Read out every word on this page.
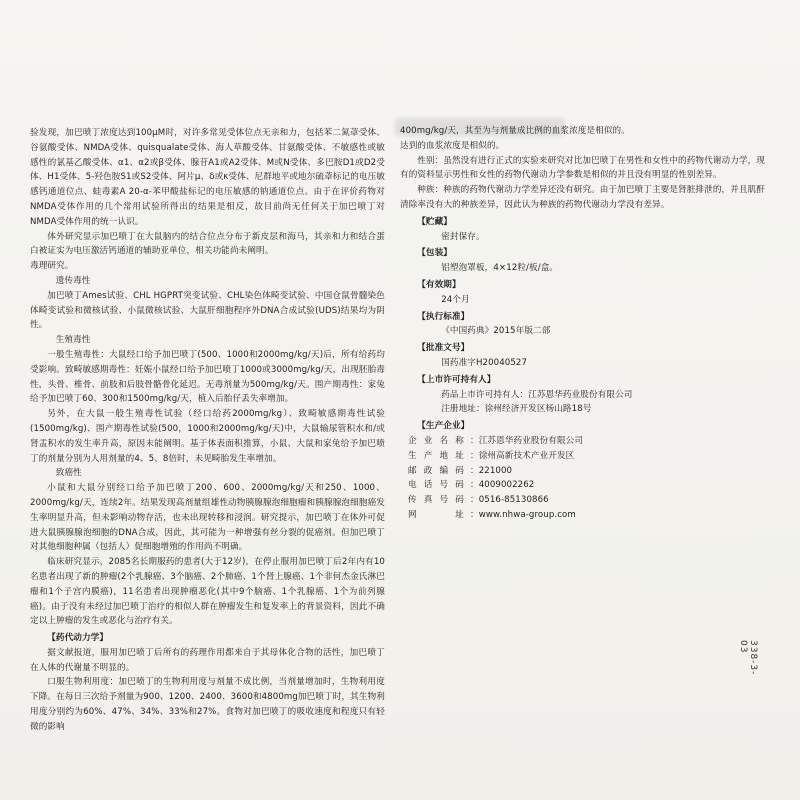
验发现，加巴喷丁浓度达到100μM时，对许多常见受体位点无亲和力，包括苯二氮䓬受体、谷氨酸受体、NMDA受体、quisqualate受体、海人草酸受体、甘氨酸受体、不敏感性或敏感性的氯基乙酸受体、α1、α2或β受体、腺苷A1或A2受体、M或N受体、多巴胺D1或D2受体、H1受体、5-羟色胺S1或S2受体、阿片μ、δ或κ受体、尼群地平或地尔硫䓬标记的电压敏感钙通道位点、蛙毒素A 20-α-苯甲酸盐标记的电压敏感的钠通道位点。由于在评价药物对NMDA受体作用的几个常用试验所得出的结果是相反，故目前尚无任何关于加巴喷丁对NMDA受体作用的统一认识。

体外研究显示加巴喷丁在大鼠脑内的结合位点分布于新皮层和海马，其亲和力和结合蛋白被证实为电压激活钙通道的辅助亚单位，相关功能尚未阐明。

毒理研究。

遗传毒性

加巴喷丁Ames试验、CHL HGPRT突变试验、CHL染色体畸变试验、中国仓鼠骨髓染色体畸变试验和微核试验、小鼠微核试验、大鼠肝细胞程序外DNA合成试验(UDS)结果均为阴性。

生殖毒性

一般生殖毒性：大鼠经口给予加巴喷丁(500、1000和2000mg/kg/天)后，所有给药均受影响。致畸敏感期毒性：妊娠小鼠经口给予加巴喷丁1000或3000mg/kg/天，出现胚胎毒性，头骨、椎骨、前肢和后肢骨骼骨化延迟。无毒剂量为500mg/kg/天。围产期毒性：家兔给予加巴喷丁60、300和1500mg/kg/天，植入后胎仔丢失率增加。

另外，在大鼠一般生殖毒性试验（经口给药2000mg/kg）、致畸敏感期毒性试验(1500mg/kg)、围产期毒性试验(500，1000和2000mg/kg/天)中，大鼠输尿管积水和/或肾盂积水的发生率升高，原因未能阐明。基于体表面积推算，小鼠、大鼠和家兔给予加巴喷丁的剂量分别为人用剂量的4、5、8倍时，未见畸胎发生率增加。

致癌性

小鼠和大鼠分别经口给予加巴喷丁200、600、2000mg/kg/天和250、1000、2000mg/kg/天，连续2年。结果发现高剂量组雄性动物胰腺腺泡细胞瘤和胰腺腺泡细胞癌发生率明显升高，但未影响动物存活，也未出现转移和浸润。研究提示，加巴喷丁在体外可促进大鼠胰腺腺泡细胞的DNA合成，因此，其可能为一种增强有丝分裂的促癌剂。但加巴喷丁对其他细胞种属（包括人）促细胞增殖的作用尚不明确。

临床研究显示，2085名长期服药的患者(大于12岁)，在停止服用加巴喷丁后2年内有10名患者出现了新的肿瘤(2个乳腺癌、3个脑癌、2个肺癌、1个肾上腺癌、1个非何杰金氏淋巴瘤和1个子宫内膜癌)，11名患者出现肿瘤恶化(其中9个脑癌、1个乳腺癌、1个为前列腺癌)。由于没有未经过加巴喷丁治疗的相似人群在肿瘤发生和复发率上的背景资料，因此不确定以上肿瘤的发生或恶化与治疗有关。

【药代动力学】

据文献报道，服用加巴喷丁后所有的药理作用都来自于其母体化合物的活性，加巴喷丁在人体的代谢量不明显的。

口服生物利用度：加巴喷丁的生物利用度与剂量不成比例，当剂量增加时，生物利用度下降。在每日三次给予剂量为900、1200、2400、3600和4800mg加巴喷丁时，其生物利用度分别约为60%、47%、34%、33%和27%。食物对加巴喷丁的吸收速度和程度只有轻微的影响

400mg/kg/天，其至为与剂量成比例的血浆浓度是相似的。

达到的血浆浓度是相似的。

性别：虽然没有进行正式的实验来研究对比加巴喷丁在男性和女性中的药物代谢动力学，现有的资料显示男性和女性的药物代谢动力学参数是相似的并且没有明显的性别差异。

种族：种族的药物代谢动力学差异还没有研究。由于加巴喷丁主要是肾脏排泄的，并且肌酐清除率没有大的种族差异，因此认为种族的药物代谢动力学没有差异。

【贮藏】

密封保存。

【包装】

铝塑泡罩板，4×12粒/板/盒。

【有效期】

24个月

【执行标准】

《中国药典》2015年版二部

【批准文号】

国药准字H20040527

【上市许可持有人】

药品上市许可持有人：江苏恩华药业股份有限公司

注册地址：徐州经济开发区杨山路18号

【生产企业】

企业名称 ： 江苏恩华药业股份有限公司
生产地址 ： 徐州高新技术产业开发区
邮政编码 ： 221000
电话号码 ： 4009002262
传真号码 ： 0516-85130866
网 址 ： www.nhwa-group.com
338-3-03
